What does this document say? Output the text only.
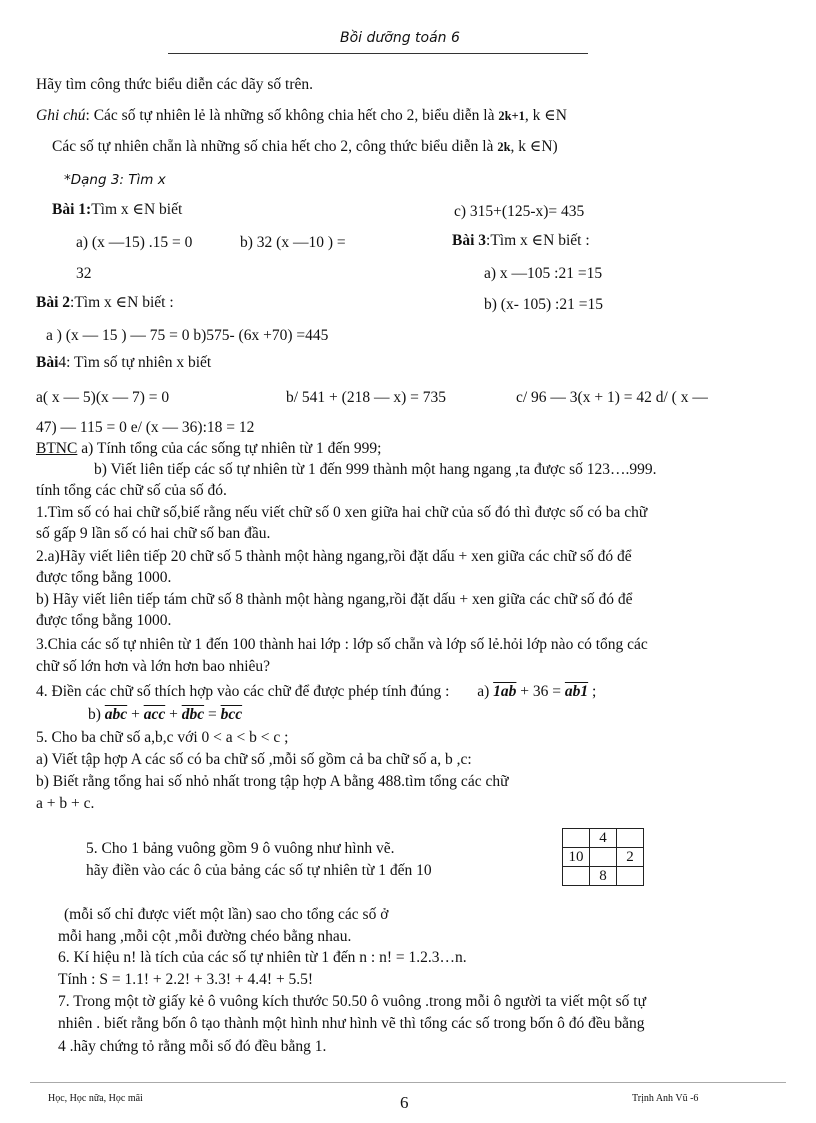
Bồi dưỡng toán 6
Hãy tìm công thức biểu diễn các dãy số trên.
Ghi chú: Các số tự nhiên lẻ là những số không chia hết cho 2, biểu diễn là 2k+1, k ∈N
Các số tự nhiên chẵn là những số chia hết cho 2, công thức biểu diễn là 2k, k ∈N)
*Dạng 3: Tìm x
Bài 1:Tìm x ∈N biết	c) 315+(125-x)= 435
a) (x —15) .15 = 0	b) 32 (x —10 ) =	Bài 3:Tìm x ∈N biết :
32	a) x —105 :21 =15
Bài 2:Tìm x ∈N biết :	b) (x- 105) :21 =15
a ) (x — 15 ) — 75 = 0 b)575- (6x +70) =445
Bài4: Tìm số tự nhiên x biết
a( x — 5)(x — 7) = 0	b/ 541 + (218 — x) = 735	c/ 96 — 3(x + 1) = 42 d/ ( x —
47) — 115 = 0 e/ (x — 36):18 = 12
BTNC a) Tính tổng của các sống tự nhiên từ 1 đến 999;
b) Viết liên tiếp các số tự nhiên từ 1 đến 999 thành một hang ngang ,ta được số 123….999.
tính tổng các chữ số của số đó.
1.Tìm số có hai chữ số,biế rằng nếu viết chữ số 0 xen giữa hai chữ của số đó thì được số có ba chữ
số gấp 9 lần số có hai chữ số ban đầu.
2.a)Hãy viết liên tiếp 20 chữ số 5 thành một hàng ngang,rồi đặt dấu + xen giữa các chữ số đó để
được tổng bằng 1000.
b) Hãy viết liên tiếp tám chữ số 8 thành một hàng ngang,rồi đặt dấu + xen giữa các chữ số đó để
được tổng bằng 1000.
3.Chia các số tự nhiên từ 1 đến 100 thành hai lớp : lớp số chẵn và lớp số lẻ.hỏi lớp nào có tổng các
chữ số lớn hơn và lớn hơn bao nhiêu?
4. Điền các chữ số thích hợp vào các chữ để được phép tính đúng : a) 1ab + 36 = ab1 ;
b) $\overline{abc} + \overline{acc} + \overline{dbc} = \overline{bcc}$
5. Cho ba chữ số a,b,c với 0 < a < b < c ;
a) Viết tập hợp A các số có ba chữ số ,mỗi số gồm cả ba chữ số a, b ,c:
b) Biết rằng tổng hai số nhỏ nhất trong tập hợp A bằng 488.tìm tổng các chữ
a + b + c.
5. Cho 1 bảng vuông gồm 9 ô vuông như hình vẽ.
hãy điền vào các ô của bảng các số tự nhiên từ 1 đến 10
	4	
10		2
	8	
(mỗi số chỉ được viết một lần) sao cho tổng các số ở
mỗi hang ,mỗi cột ,mỗi đường chéo bằng nhau.
6. Kí hiệu n! là tích của các số tự nhiên từ 1 đến n : n! = 1.2.3…n.
Tính : S = 1.1! + 2.2! + 3.3! + 4.4! + 5.5!
7. Trong một tờ giấy kẻ ô vuông kích thước 50.50 ô vuông .trong mỗi ô người ta viết một số tự
nhiên . biết rằng bốn ô tạo thành một hình như hình vẽ thì tổng các số trong bốn ô đó đều bằng
4 .hãy chứng tỏ rằng mỗi số đó đều bằng 1.
Học, Học nữa, Học mãi	6	Trịnh Anh Vũ -6
